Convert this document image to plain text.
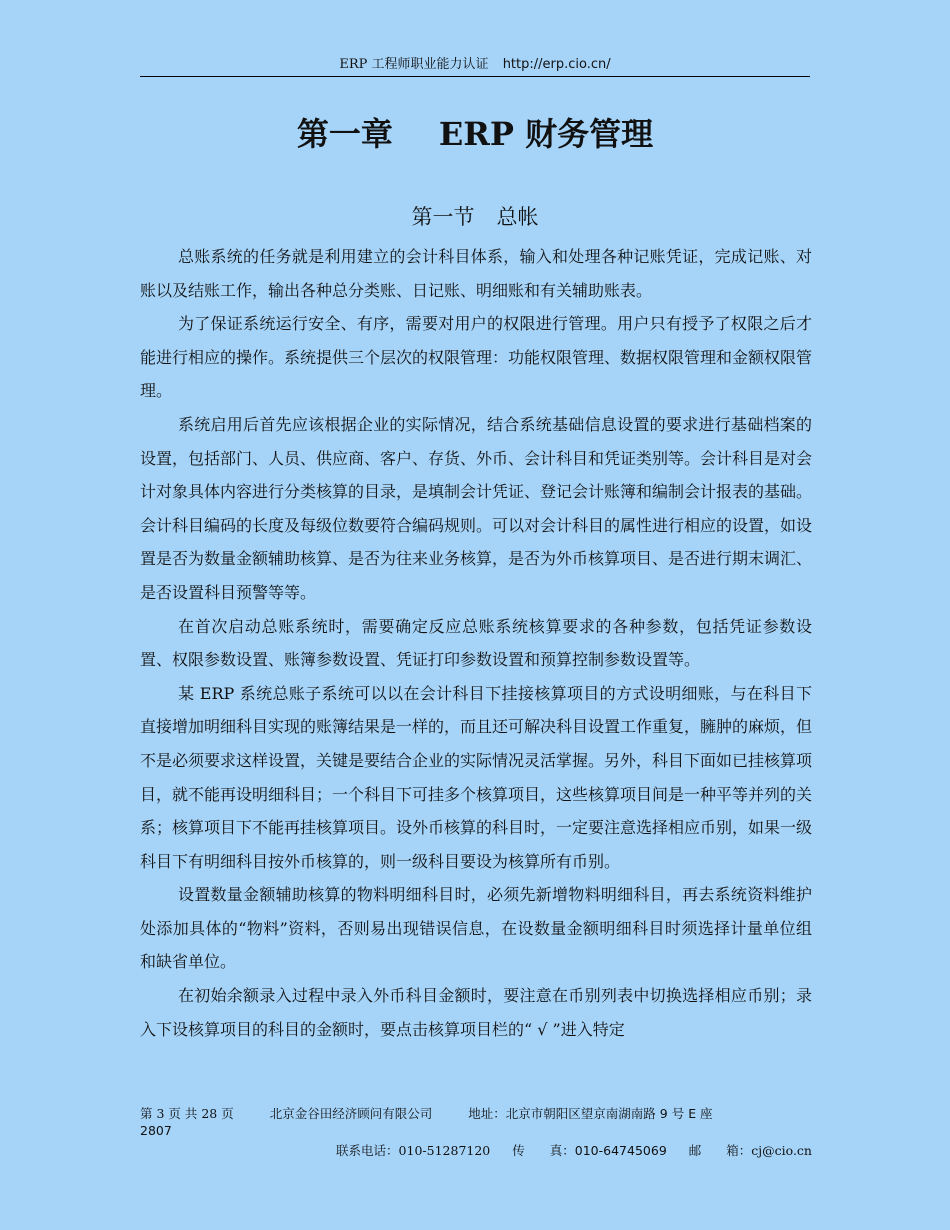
ERP 工程师职业能力认证 http://erp.cio.cn/
第一章 ERP 财务管理
第一节 总帐

总账系统的任务就是利用建立的会计科目体系，输入和处理各种记账凭证，完成记账、对账以及结账工作，输出各种总分类账、日记账、明细账和有关辅助账表。

为了保证系统运行安全、有序，需要对用户的权限进行管理。用户只有授予了权限之后才能进行相应的操作。系统提供三个层次的权限管理：功能权限管理、数据权限管理和金额权限管理。

系统启用后首先应该根据企业的实际情况，结合系统基础信息设置的要求进行基础档案的设置，包括部门、人员、供应商、客户、存货、外币、会计科目和凭证类别等。会计科目是对会计对象具体内容进行分类核算的目录，是填制会计凭证、登记会计账簿和编制会计报表的基础。会计科目编码的长度及每级位数要符合编码规则。可以对会计科目的属性进行相应的设置，如设置是否为数量金额辅助核算、是否为往来业务核算，是否为外币核算项目、是否进行期末调汇、是否设置科目预警等等。

在首次启动总账系统时，需要确定反应总账系统核算要求的各种参数，包括凭证参数设置、权限参数设置、账簿参数设置、凭证打印参数设置和预算控制参数设置等。

某 ERP 系统总账子系统可以以在会计科目下挂接核算项目的方式设明细账，与在科目下直接增加明细科目实现的账簿结果是一样的，而且还可解决科目设置工作重复，臃肿的麻烦，但不是必须要求这样设置，关键是要结合企业的实际情况灵活掌握。另外，科目下面如已挂核算项目，就不能再设明细科目；一个科目下可挂多个核算项目，这些核算项目间是一种平等并列的关系；核算项目下不能再挂核算项目。设外币核算的科目时，一定要注意选择相应币别，如果一级科目下有明细科目按外币核算的，则一级科目要设为核算所有币别。

设置数量金额辅助核算的物料明细科目时，必须先新增物料明细科目，再去系统资料维护处添加具体的“物料”资料，否则易出现错误信息，在设数量金额明细科目时须选择计量单位组和缺省单位。

在初始余额录入过程中录入外币科目金额时，要注意在币别列表中切换选择相应币别；录入下设核算项目的科目的金额时，要点击核算项目栏的“ √ ”进入特定

第 3 页 共 28 页	北京金谷田经济顾问有限公司	地址：北京市朝阳区望京南湖南路 9 号 E 座
2807
联系电话：010-51287120 传　　真：010-64745069 邮　　箱：cj@cio.cn
